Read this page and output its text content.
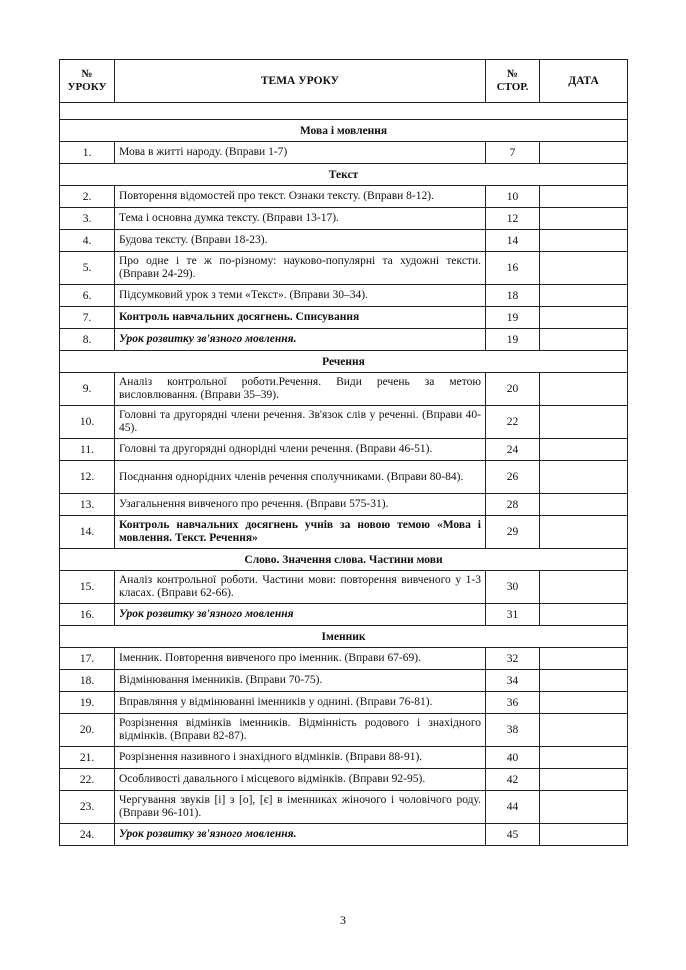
№ УРОКУ	ТЕМА УРОКУ	№ СТОР.	ДАТА

Мова і мовлення			
1.	Мова в житті народу. (Вправи 1-7)	7	
Текст			
2.	Повторення відомостей про текст. Ознаки тексту. (Вправи 8-12).	10	
3.	Тема і основна думка тексту. (Вправи 13-17).	12	
4.	Будова тексту. (Вправи 18-23).	14	
5.	Про одне і те ж по-різному: науково-популярні та художні тексти. (Вправи 24-29).	16	
6.	Підсумковий урок з теми «Текст». (Вправи 30–34).	18	
7.	Контроль навчальних досягнень. Списування	19	
8.	Урок розвитку зв'язного мовлення.	19	
Речення			
9.	Аналіз контрольної роботи.Речення. Види речень за метою висловлювання. (Вправи 35–39).	20	
10.	Головні та другорядні члени речення. Зв'язок слів у реченні. (Вправи 40-45).	22	
11.	Головні та другорядні однорідні члени речення. (Вправи 46-51).	24	
12.	Поєднання однорідних членів речення сполучниками. (Вправи 80-84).	26	
13.	Узагальнення вивченого про речення. (Вправи 575-31).	28	
14.	Контроль навчальних досягнень учнів за новою темою «Мова і мовлення. Текст. Речення»	29	
Слово. Значення слова. Частини мови			
15.	Аналіз контрольної роботи. Частини мови: повторення вивченого у 1-3 класах. (Вправи 62-66).	30	
16.	Урок розвитку зв'язного мовлення	31	
Іменник			
17.	Іменник. Повторення вивченого про іменник. (Вправи 67-69).	32	
18.	Відмінювання іменників. (Вправи 70-75).	34	
19.	Вправляння у відмінюванні іменників у однині. (Вправи 76-81).	36	
20.	Розрізнення відмінків іменників. Відмінність родового і знахідного відмінків. (Вправи 82-87).	38	
21.	Розрізнення називного і знахідного відмінків. (Вправи 88-91).	40	
22.	Особливості давального і місцевого відмінків. (Вправи 92-95).	42	
23.	Чергування звуків [і] з [о], [є] в іменниках жіночого і чоловічого роду. (Вправи 96-101).	44	
24.	Урок розвитку зв'язного мовлення.	45	
3
